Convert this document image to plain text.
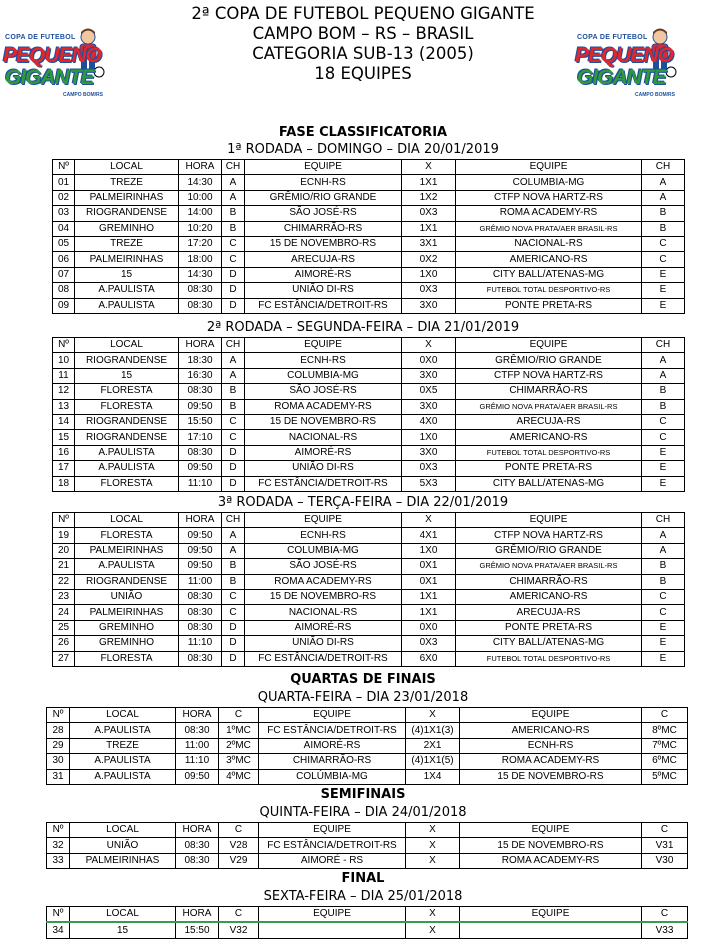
2ª COPA DE FUTEBOL PEQUENO GIGANTE
CAMPO BOM – RS – BRASIL
CATEGORIA SUB-13 (2005)
18 EQUIPES
COPA DE FUTEBOL
PEQUENO
GIGANTE
CAMPO BOM/RS
COPA DE FUTEBOL
PEQUENO
GIGANTE
CAMPO BOM/RS
FASE CLASSIFICATORIA
1ª RODADA – DOMINGO – DIA 20/01/2019
Nº	LOCAL	HORA	CH	EQUIPE	X	EQUIPE	CH
01	TREZE	14:30	A	ECNH-RS	1X1	COLUMBIA-MG	A
02	PALMEIRINHAS	10:00	A	GRÊMIO/RIO GRANDE	1X2	CTFP NOVA HARTZ-RS	A
03	RIOGRANDENSE	14:00	B	SÃO JOSÉ-RS	0X3	ROMA ACADEMY-RS	B
04	GREMINHO	10:20	B	CHIMARRÃO-RS	1X1	GRÊMIO NOVA PRATA/AER BRASIL-RS	B
05	TREZE	17:20	C	15 DE NOVEMBRO-RS	3X1	NACIONAL-RS	C
06	PALMEIRINHAS	18:00	C	ARECUJA-RS	0X2	AMERICANO-RS	C
07	15	14:30	D	AIMORÉ-RS	1X0	CITY BALL/ATENAS-MG	E
08	A.PAULISTA	08:30	D	UNIÃO DI-RS	0X3	FUTEBOL TOTAL DESPORTIVO-RS	E
09	A.PAULISTA	08:30	D	FC ESTÂNCIA/DETROIT-RS	3X0	PONTE PRETA-RS	E
2ª RODADA – SEGUNDA-FEIRA – DIA 21/01/2019
Nº	LOCAL	HORA	CH	EQUIPE	X	EQUIPE	CH
10	RIOGRANDENSE	18:30	A	ECNH-RS	0X0	GRÊMIO/RIO GRANDE	A
11	15	16:30	A	COLUMBIA-MG	3X0	CTFP NOVA HARTZ-RS	A
12	FLORESTA	08:30	B	SÃO JOSÉ-RS	0X5	CHIMARRÃO-RS	B
13	FLORESTA	09:50	B	ROMA ACADEMY-RS	3X0	GRÊMIO NOVA PRATA/AER BRASIL-RS	B
14	RIOGRANDENSE	15:50	C	15 DE NOVEMBRO-RS	4X0	ARECUJA-RS	C
15	RIOGRANDENSE	17:10	C	NACIONAL-RS	1X0	AMERICANO-RS	C
16	A.PAULISTA	08:30	D	AIMORÉ-RS	3X0	FUTEBOL TOTAL DESPORTIVO-RS	E
17	A.PAULISTA	09:50	D	UNIÃO DI-RS	0X3	PONTE PRETA-RS	E
18	FLORESTA	11:10	D	FC ESTÂNCIA/DETROIT-RS	5X3	CITY BALL/ATENAS-MG	E
3ª RODADA – TERÇA-FEIRA – DIA 22/01/2019
Nº	LOCAL	HORA	CH	EQUIPE	X	EQUIPE	CH
19	FLORESTA	09:50	A	ECNH-RS	4X1	CTFP NOVA HARTZ-RS	A
20	PALMEIRINHAS	09:50	A	COLUMBIA-MG	1X0	GRÊMIO/RIO GRANDE	A
21	A.PAULISTA	09:50	B	SÃO JOSÉ-RS	0X1	GRÊMIO NOVA PRATA/AER BRASIL-RS	B
22	RIOGRANDENSE	11:00	B	ROMA ACADEMY-RS	0X1	CHIMARRÃO-RS	B
23	UNIÃO	08:30	C	15 DE NOVEMBRO-RS	1X1	AMERICANO-RS	C
24	PALMEIRINHAS	08:30	C	NACIONAL-RS	1X1	ARECUJA-RS	C
25	GREMINHO	08:30	D	AIMORÉ-RS	0X0	PONTE PRETA-RS	E
26	GREMINHO	11:10	D	UNIÃO DI-RS	0X3	CITY BALL/ATENAS-MG	E
27	FLORESTA	08:30	D	FC ESTÂNCIA/DETROIT-RS	6X0	FUTEBOL TOTAL DESPORTIVO-RS	E
QUARTAS DE FINAIS
QUARTA-FEIRA – DIA 23/01/2018
Nº	LOCAL	HORA	C	EQUIPE	X	EQUIPE	C
28	A.PAULISTA	08:30	1ºMC	FC ESTÂNCIA/DETROIT-RS	(4)1X1(3)	AMERICANO-RS	8ºMC
29	TREZE	11:00	2ºMC	AIMORÉ-RS	2X1	ECNH-RS	7ºMC
30	A.PAULISTA	11:10	3ºMC	CHIMARRÃO-RS	(4)1X1(5)	ROMA ACADEMY-RS	6ºMC
31	A.PAULISTA	09:50	4ºMC	COLÚMBIA-MG	1X4	15 DE NOVEMBRO-RS	5ºMC
SEMIFINAIS
QUINTA-FEIRA – DIA 24/01/2018
Nº	LOCAL	HORA	C	EQUIPE	X	EQUIPE	C
32	UNIÃO	08:30	V28	FC ESTÂNCIA/DETROIT-RS	X	15 DE NOVEMBRO-RS	V31
33	PALMEIRINHAS	08:30	V29	AIMORÉ - RS	X	ROMA ACADEMY-RS	V30
FINAL
SEXTA-FEIRA – DIA 25/01/2018
Nº	LOCAL	HORA	C	EQUIPE	X	EQUIPE	C
34	15	15:50	V32		X		V33
